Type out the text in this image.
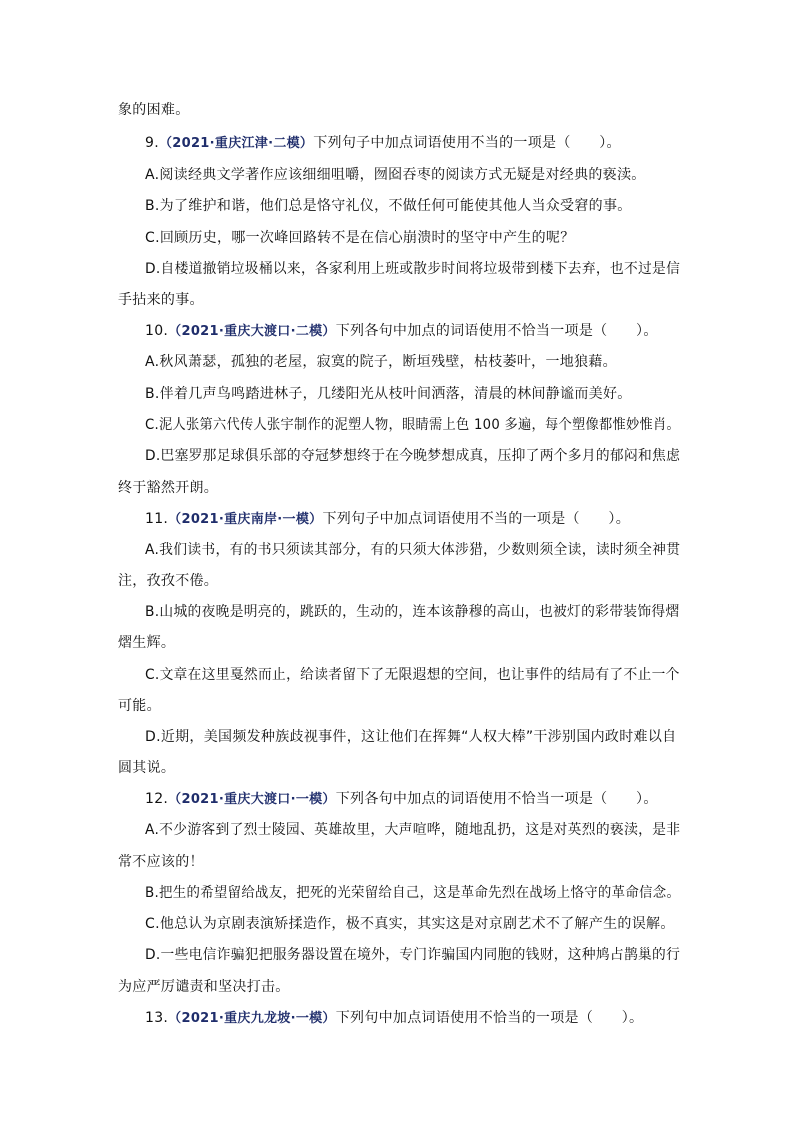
象的困难。
9.（2021·重庆江津·二模）下列句子中加点词语使用不当的一项是（　　）。
A.阅读经典文学著作应该细细咀嚼，囫囵吞枣的阅读方式无疑是对经典的亵渎。
B.为了维护和谐，他们总是恪守礼仪，不做任何可能使其他人当众受窘的事。
C.回顾历史，哪一次峰回路转不是在信心崩溃时的坚守中产生的呢？
D.自楼道撤销垃圾桶以来，各家利用上班或散步时间将垃圾带到楼下去弃，也不过是信
手拈来的事。
10.（2021·重庆大渡口·二模）下列各句中加点的词语使用不恰当一项是（　　）。
A.秋风萧瑟，孤独的老屋，寂寞的院子，断垣残壁，枯枝萎叶，一地狼藉。
B.伴着几声鸟鸣踏进林子，几缕阳光从枝叶间洒落，清晨的林间静谧而美好。
C.泥人张第六代传人张宇制作的泥塑人物，眼睛需上色 100 多遍，每个塑像都惟妙惟肖。
D.巴塞罗那足球俱乐部的夺冠梦想终于在今晚梦想成真，压抑了两个多月的郁闷和焦虑
终于豁然开朗。
11.（2021·重庆南岸·一模）下列句子中加点词语使用不当的一项是（　　）。
A.我们读书，有的书只须读其部分，有的只须大体涉猎，少数则须全读，读时须全神贯
注，孜孜不倦。
B.山城的夜晚是明亮的，跳跃的，生动的，连本该静穆的高山，也被灯的彩带装饰得熠
熠生辉。
C.文章在这里戛然而止，给读者留下了无限遐想的空间，也让事件的结局有了不止一个
可能。
D.近期，美国频发种族歧视事件，这让他们在挥舞“人权大棒”干涉别国内政时难以自
圆其说。
12.（2021·重庆大渡口·一模）下列各句中加点的词语使用不恰当一项是（　　）。
A.不少游客到了烈士陵园、英雄故里，大声喧哗，随地乱扔，这是对英烈的亵渎，是非
常不应该的！
B.把生的希望留给战友，把死的光荣留给自己，这是革命先烈在战场上恪守的革命信念。
C.他总认为京剧表演矫揉造作，极不真实，其实这是对京剧艺术不了解产生的误解。
D.一些电信诈骗犯把服务器设置在境外，专门诈骗国内同胞的钱财，这种鸠占鹊巢的行
为应严厉谴责和坚决打击。
13.（2021·重庆九龙坡·一模）下列句中加点词语使用不恰当的一项是（　　）。
